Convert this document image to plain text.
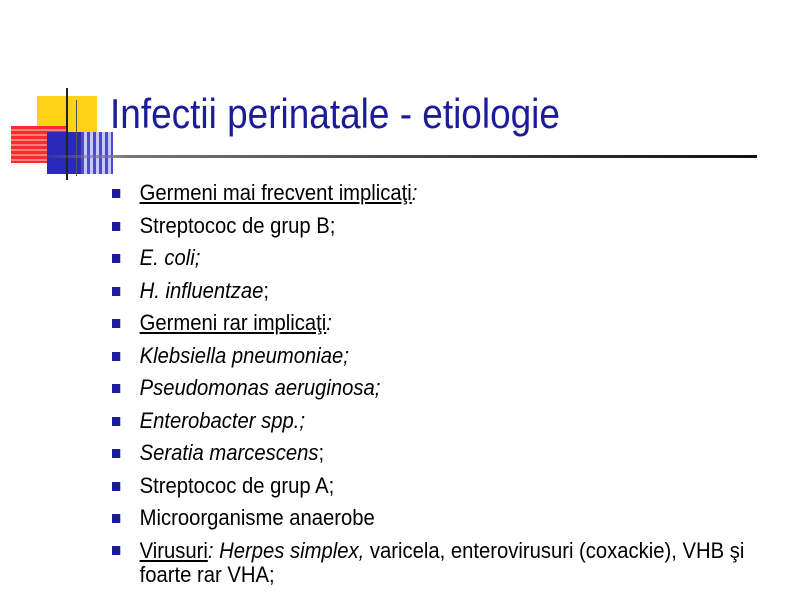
Infectii perinatale - etiologie
Germeni mai frecvent implicaţi:
Streptococ de grup B;
E. coli;
H. influentzae;
Germeni rar implicaţi:
Klebsiella pneumoniae;
Pseudomonas aeruginosa;
Enterobacter spp.;
Seratia marcescens;
Streptococ de grup A;
Microorganisme anaerobe
Virusuri: Herpes simplex, varicela, enterovirusuri (coxackie), VHB şi foarte rar VHA;
